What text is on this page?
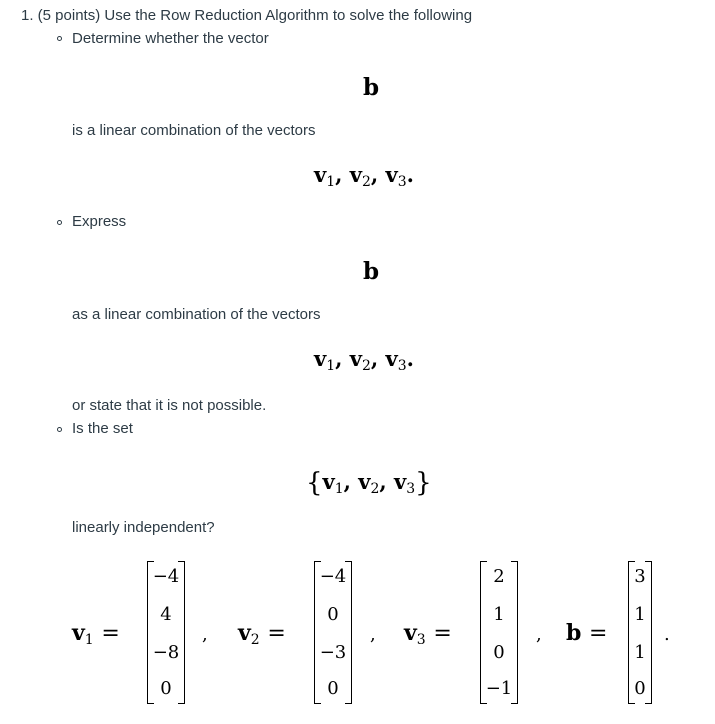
1. (5 points) Use the Row Reduction Algorithm to solve the following
Determine whether the vector
b
is a linear combination of the vectors
v1, v2, v3.
Express
b
as a linear combination of the vectors
v1, v2, v3.
or state that it is not possible.
Is the set
{v1, v2, v3}
linearly independent?
v1 =
−4
4
−8
0
, v2 =
−4
0
−3
0
, v3 =
2
1
0
−1
, b =
3
1
1
0
.
